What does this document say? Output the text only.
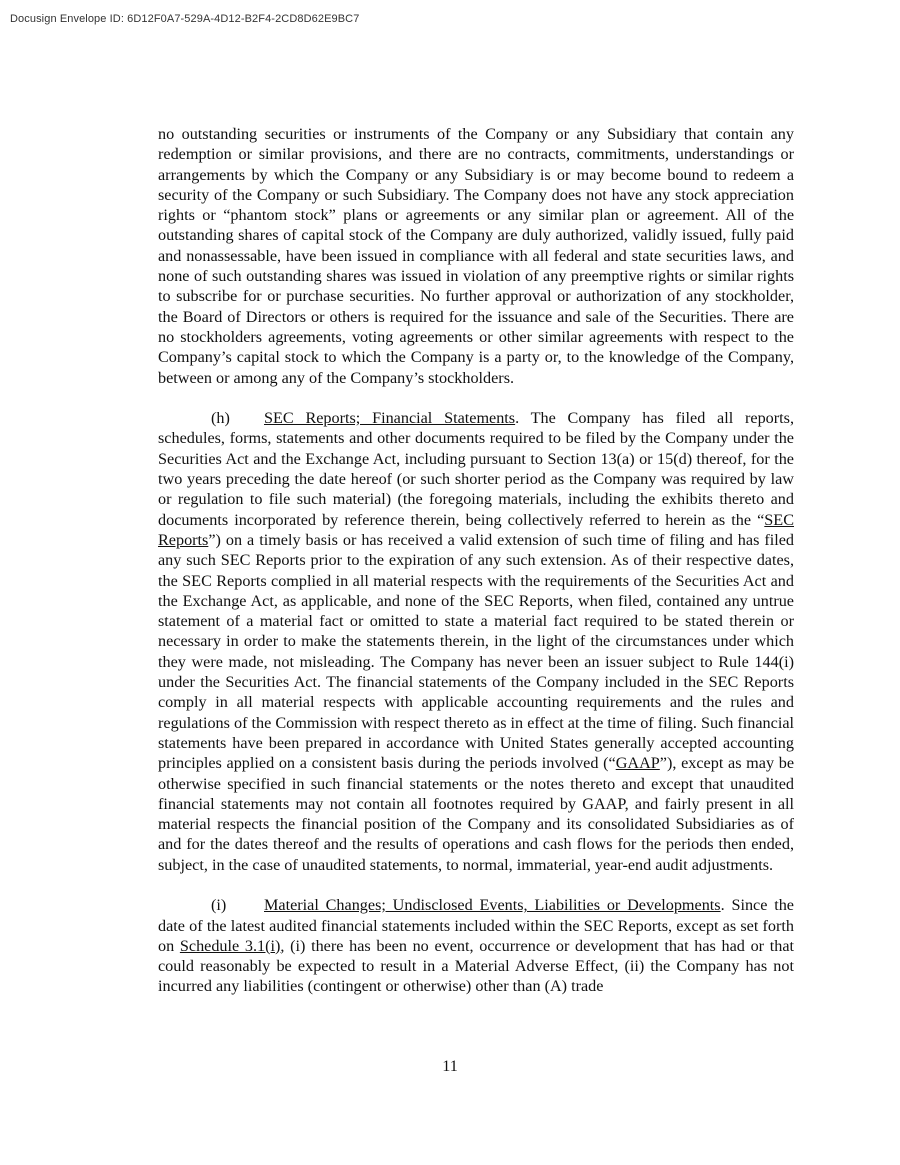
Docusign Envelope ID: 6D12F0A7-529A-4D12-B2F4-2CD8D62E9BC7

no outstanding securities or instruments of the Company or any Subsidiary that contain any redemption or similar provisions, and there are no contracts, commitments, understandings or arrangements by which the Company or any Subsidiary is or may become bound to redeem a security of the Company or such Subsidiary. The Company does not have any stock appreciation rights or “phantom stock” plans or agreements or any similar plan or agreement. All of the outstanding shares of capital stock of the Company are duly authorized, validly issued, fully paid and nonassessable, have been issued in compliance with all federal and state securities laws, and none of such outstanding shares was issued in violation of any preemptive rights or similar rights to subscribe for or purchase securities. No further approval or authorization of any stockholder, the Board of Directors or others is required for the issuance and sale of the Securities. There are no stockholders agreements, voting agreements or other similar agreements with respect to the Company’s capital stock to which the Company is a party or, to the knowledge of the Company, between or among any of the Company’s stockholders.

(h) SEC Reports; Financial Statements. The Company has filed all reports, schedules, forms, statements and other documents required to be filed by the Company under the Securities Act and the Exchange Act, including pursuant to Section 13(a) or 15(d) thereof, for the two years preceding the date hereof (or such shorter period as the Company was required by law or regulation to file such material) (the foregoing materials, including the exhibits thereto and documents incorporated by reference therein, being collectively referred to herein as the “SEC Reports”) on a timely basis or has received a valid extension of such time of filing and has filed any such SEC Reports prior to the expiration of any such extension. As of their respective dates, the SEC Reports complied in all material respects with the requirements of the Securities Act and the Exchange Act, as applicable, and none of the SEC Reports, when filed, contained any untrue statement of a material fact or omitted to state a material fact required to be stated therein or necessary in order to make the statements therein, in the light of the circumstances under which they were made, not misleading. The Company has never been an issuer subject to Rule 144(i) under the Securities Act. The financial statements of the Company included in the SEC Reports comply in all material respects with applicable accounting requirements and the rules and regulations of the Commission with respect thereto as in effect at the time of filing. Such financial statements have been prepared in accordance with United States generally accepted accounting principles applied on a consistent basis during the periods involved (“GAAP”), except as may be otherwise specified in such financial statements or the notes thereto and except that unaudited financial statements may not contain all footnotes required by GAAP, and fairly present in all material respects the financial position of the Company and its consolidated Subsidiaries as of and for the dates thereof and the results of operations and cash flows for the periods then ended, subject, in the case of unaudited statements, to normal, immaterial, year-end audit adjustments.

(i) Material Changes; Undisclosed Events, Liabilities or Developments. Since the date of the latest audited financial statements included within the SEC Reports, except as set forth on Schedule 3.1(i), (i) there has been no event, occurrence or development that has had or that could reasonably be expected to result in a Material Adverse Effect, (ii) the Company has not incurred any liabilities (contingent or otherwise) other than (A) trade

11
